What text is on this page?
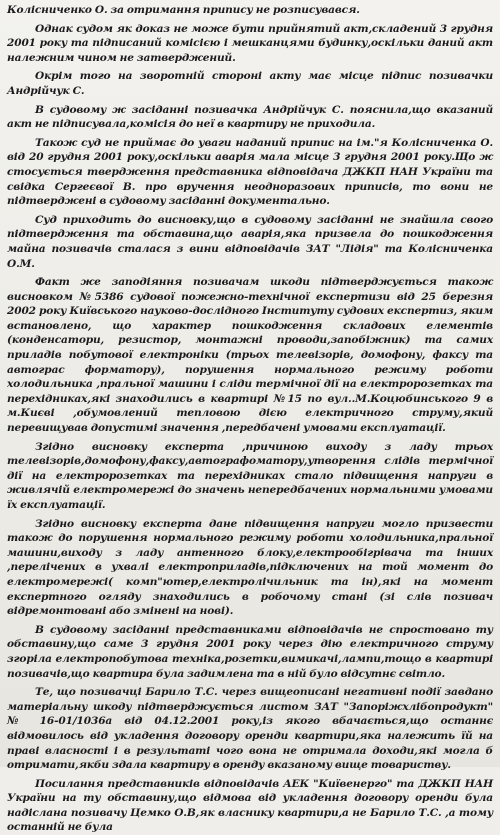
Колісниченко О. за отримання припису не розписувався.

Однак судом як доказ не може бути прийнятий акт,складений 3 грудня 2001 року та підписаний комісією і мешканцями будинку,оскільки даний акт належним чином не затверджений.

Окрім того на зворотній стороні акту має місце підпис позивачки Андрійчук С.

В судовому ж засіданні позивачка Андрійчук С. пояснила,що вказаний акт не підписувала,комісія до неї в квартиру не приходила.

Також суд не приймає до уваги наданий припис на ім."я Колісниченка О. від 20 грудня 2001 року,оскільки аварія мала місце 3 грудня 2001 року.Що ж стосується твердження представника відповідача ДЖКП НАН України та свідка Сергеєвої В. про вручення неодноразових приписів, то вони не підтверджені в судовому засіданні документально.

Суд приходить до висновку,що в судовому засіданні не знайшла свого підтвердження та обставина,що аварія,яка призвела до пошкодження майна позивачів сталася з вини відповідачів ЗАТ "Лідія" та Колісниченка О.М.

Факт же заподіяння позивачам шкоди підтверджується також висновком №5386 судової пожежно-технічної експертизи від 25 березня 2002 року Київського науково-дослідного Інституту судових експертиз, яким встановлено, що характер пошкодження складових елементів (конденсатори, резистор, монтажні проводи,запобіжник) та самих приладів побутової електроніки (трьох телевізорів, домофону, факсу та автограс форматору), порушення нормального режиму роботи холодильника ,пральної машини і сліди термічної дії на електророзетках та перехідниках,які знаходились в квартирі №15 по вул..М.Коцюбинського 9 в м.Києві ,обумовлений тепловою дією електричного струму,який перевищував допустимі значення ,передбачені умовами експлуатації.

Згідно висновку експерта ,причиною виходу з ладу трьох телевізорів,домофону,факсу,автографоматору,утворення слідів термічної дії на електророзетках та перехідниках стало підвищення напруги в живлячій електромережі до значень непередбачених нормальними умовами їх експлуатації.

Згідно висновку експерта дане підвищення напруги могло призвести також до порушення нормального режиму роботи холодильника,пральної машини,виходу з ладу антенного блоку,електрообігрівача та інших ,перелічених в ухвалі електроприладів,підключених на той момент до електромережі( комп"ютер,електролічильник та ін),які на момент експертного огляду знаходились в робочому стані (зі слів позивач відремонтовані або змінені на нові).

В судовому засіданні представниками відповідачів не спростовано ту обставину,що саме 3 грудня 2001 року через дію електричного струму згоріла електропобутова техніка,розетки,вимикачі,лампи,тощо в квартирі позивачів,що квартира була задимлена та в ній було відсутнє світло.

Те, що позивачці Барило Т.С. через вищеописані негативні події завдано матеріальну шкоду підтверджується листом ЗАТ "Запоріжхлібопродукт" № 16-01/1036а від 04.12.2001 року,із якого вбачається,що останнє відмовилось від укладення договору оренди квартири,яка належить їй на праві власності і в результаті чого вона не отримала доходи,які могла б отримати,якби здала квартиру в оренду вказаному вище товариству.

Посилання представників відповідачів АЕК "Київенерго" та ДЖКП НАН України на ту обставину,що відмова від укладення договору оренди була надіслана позивачу Цемко О.В,як власнику квартири,а не Барило Т.С. ,а тому останній не була
